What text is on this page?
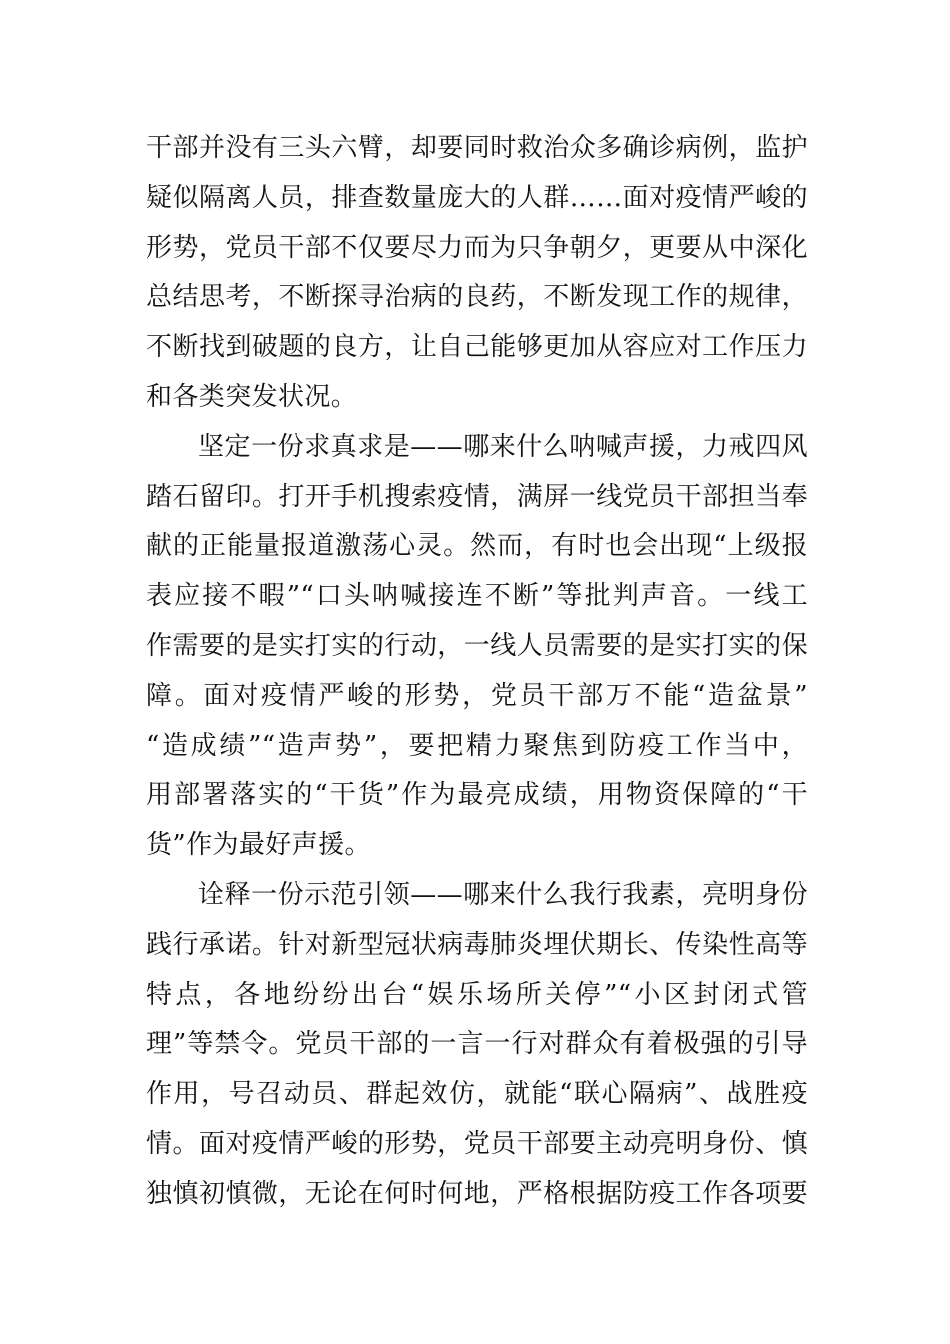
干部并没有三头六臂，却要同时救治众多确诊病例，监护
疑似隔离人员，排查数量庞大的人群……面对疫情严峻的
形势，党员干部不仅要尽力而为只争朝夕，更要从中深化
总结思考，不断探寻治病的良药，不断发现工作的规律，
不断找到破题的良方，让自己能够更加从容应对工作压力
和各类突发状况。
坚定一份求真求是——哪来什么呐喊声援，力戒四风
踏石留印。打开手机搜索疫情，满屏一线党员干部担当奉
献的正能量报道激荡心灵。然而，有时也会出现“上级报
表应接不暇”“口头呐喊接连不断”等批判声音。一线工
作需要的是实打实的行动，一线人员需要的是实打实的保
障。面对疫情严峻的形势，党员干部万不能“造盆景”
“造成绩”“造声势”，要把精力聚焦到防疫工作当中，
用部署落实的“干货”作为最亮成绩，用物资保障的“干
货”作为最好声援。
诠释一份示范引领——哪来什么我行我素，亮明身份
践行承诺。针对新型冠状病毒肺炎埋伏期长、传染性高等
特点，各地纷纷出台“娱乐场所关停”“小区封闭式管
理”等禁令。党员干部的一言一行对群众有着极强的引导
作用，号召动员、群起效仿，就能“联心隔病”、战胜疫
情。面对疫情严峻的形势，党员干部要主动亮明身份、慎
独慎初慎微，无论在何时何地，严格根据防疫工作各项要
